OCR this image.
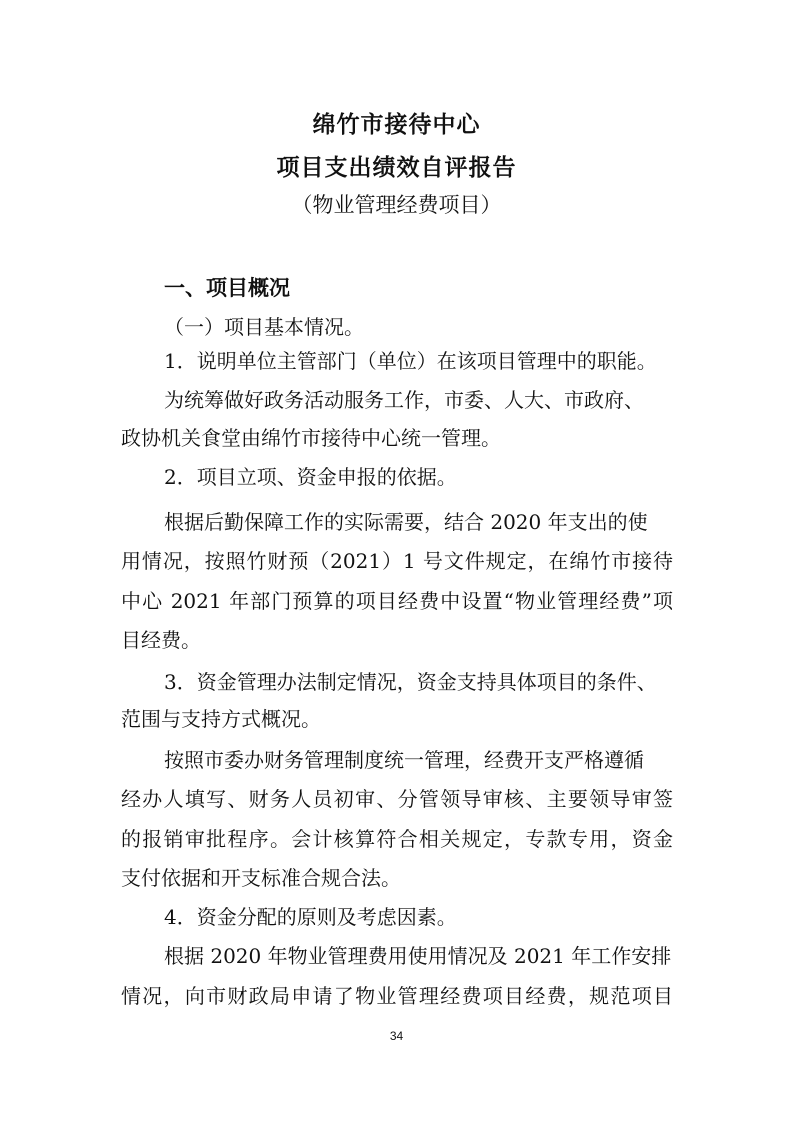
绵竹市接待中心
项目支出绩效自评报告
（物业管理经费项目）
一、项目概况
（一）项目基本情况。
1．说明单位主管部门（单位）在该项目管理中的职能。
为统筹做好政务活动服务工作，市委、人大、市政府、
政协机关食堂由绵竹市接待中心统一管理。
2．项目立项、资金申报的依据。
根据后勤保障工作的实际需要，结合 2020 年支出的使
用情况，按照竹财预（2021）1 号文件规定，在绵竹市接待
中心 2021 年部门预算的项目经费中设置“物业管理经费”项
目经费。
3．资金管理办法制定情况，资金支持具体项目的条件、
范围与支持方式概况。
按照市委办财务管理制度统一管理，经费开支严格遵循
经办人填写、财务人员初审、分管领导审核、主要领导审签
的报销审批程序。会计核算符合相关规定，专款专用，资金
支付依据和开支标准合规合法。
4．资金分配的原则及考虑因素。
根据 2020 年物业管理费用使用情况及 2021 年工作安排
情况，向市财政局申请了物业管理经费项目经费，规范项目
34
